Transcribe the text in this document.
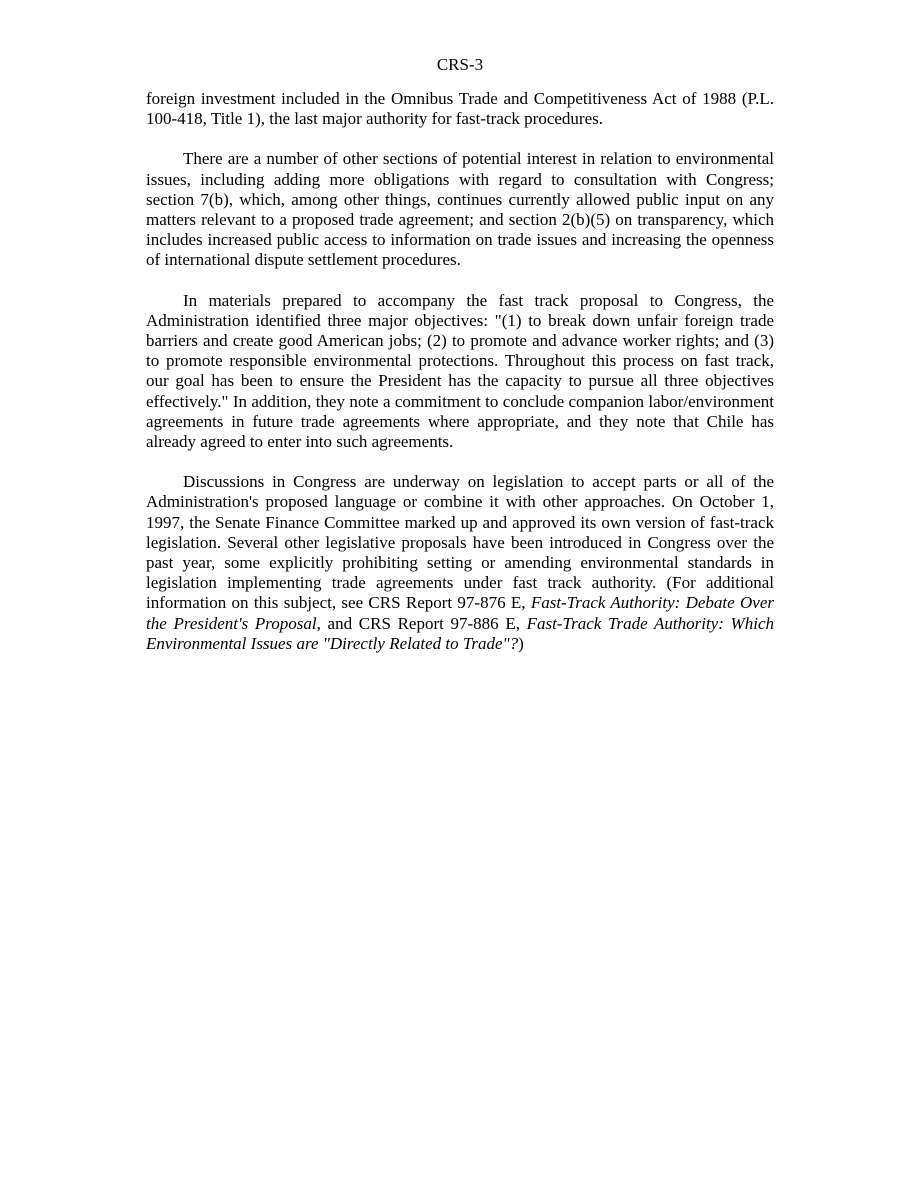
CRS-3

foreign investment included in the Omnibus Trade and Competitiveness Act of 1988 (P.L. 100-418, Title 1), the last major authority for fast-track procedures.

There are a number of other sections of potential interest in relation to environmental issues, including adding more obligations with regard to consultation with Congress; section 7(b), which, among other things, continues currently allowed public input on any matters relevant to a proposed trade agreement; and section 2(b)(5) on transparency, which includes increased public access to information on trade issues and increasing the openness of international dispute settlement procedures.

In materials prepared to accompany the fast track proposal to Congress, the Administration identified three major objectives: "(1) to break down unfair foreign trade barriers and create good American jobs; (2) to promote and advance worker rights; and (3) to promote responsible environmental protections. Throughout this process on fast track, our goal has been to ensure the President has the capacity to pursue all three objectives effectively." In addition, they note a commitment to conclude companion labor/environment agreements in future trade agreements where appropriate, and they note that Chile has already agreed to enter into such agreements.

Discussions in Congress are underway on legislation to accept parts or all of the Administration's proposed language or combine it with other approaches. On October 1, 1997, the Senate Finance Committee marked up and approved its own version of fast-track legislation. Several other legislative proposals have been introduced in Congress over the past year, some explicitly prohibiting setting or amending environmental standards in legislation implementing trade agreements under fast track authority. (For additional information on this subject, see CRS Report 97-876 E, Fast-Track Authority: Debate Over the President's Proposal, and CRS Report 97-886 E, Fast-Track Trade Authority: Which Environmental Issues are "Directly Related to Trade"?)
